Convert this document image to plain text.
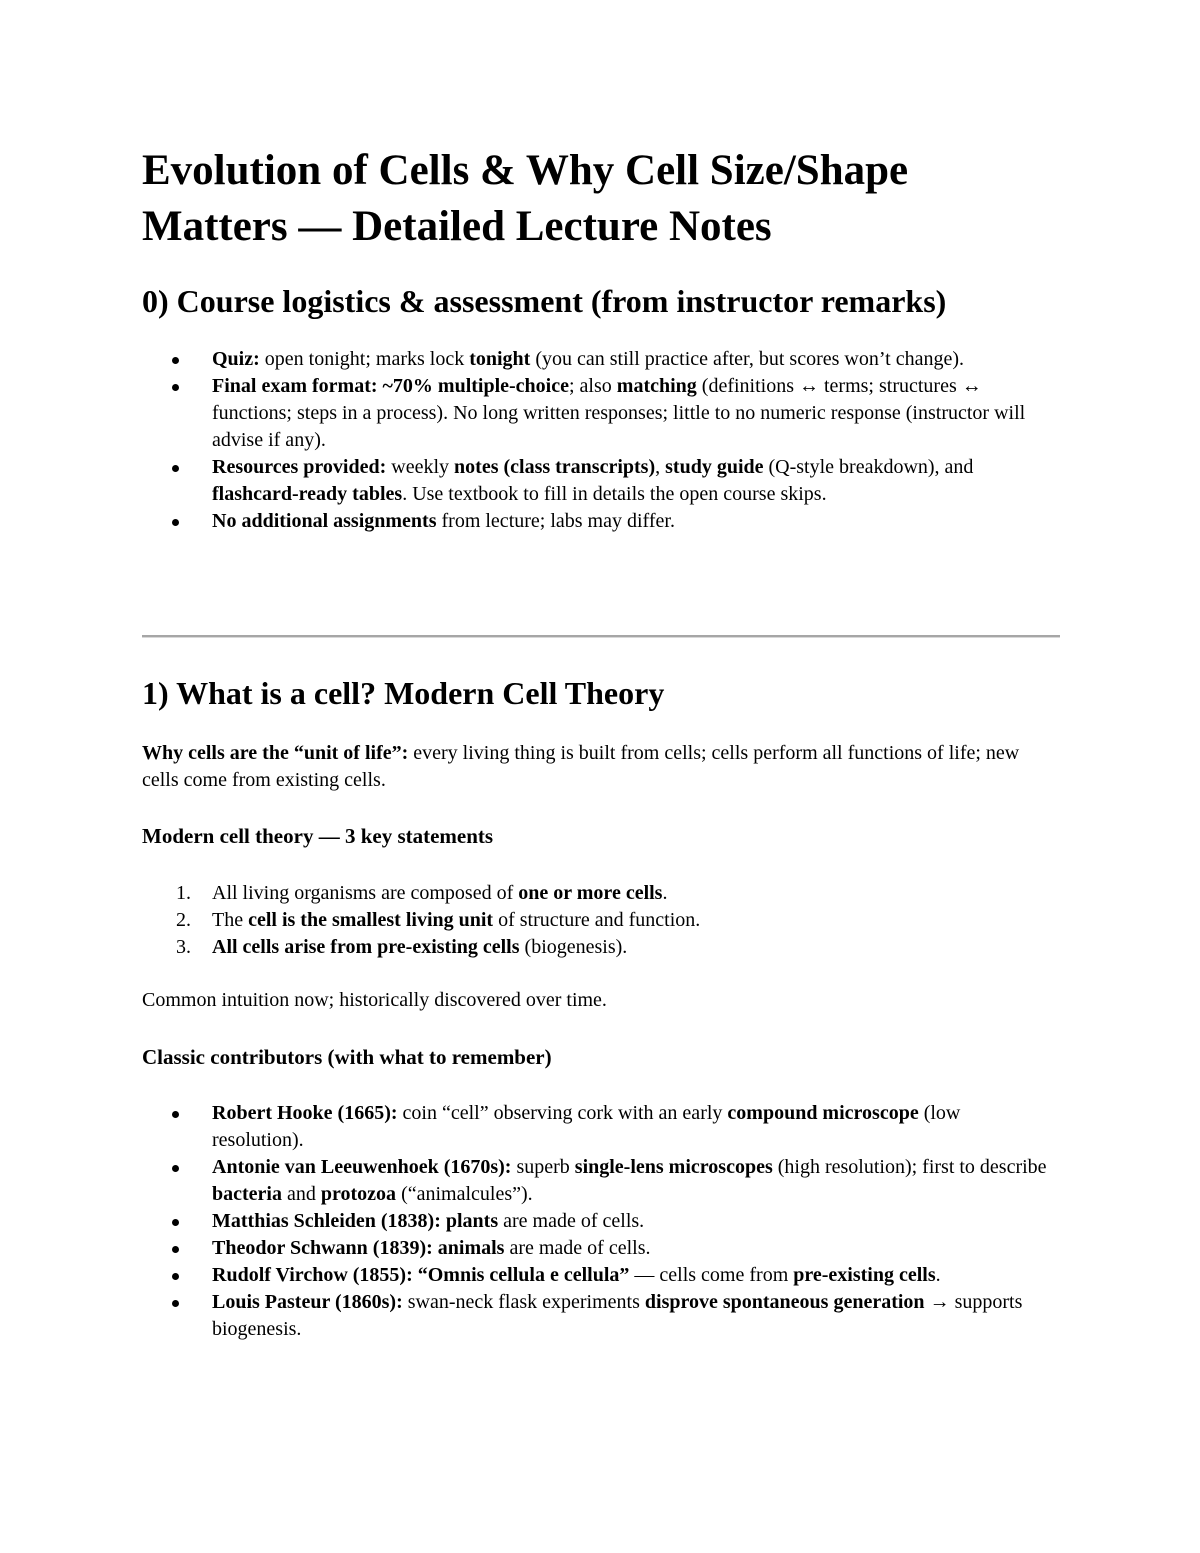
Evolution of Cells & Why Cell Size/Shape Matters — Detailed Lecture Notes
0) Course logistics & assessment (from instructor remarks)
Quiz: open tonight; marks lock tonight (you can still practice after, but scores won’t change).
Final exam format: ~70% multiple-choice; also matching (definitions ↔ terms; structures ↔ functions; steps in a process). No long written responses; little to no numeric response (instructor will advise if any).
Resources provided: weekly notes (class transcripts), study guide (Q-style breakdown), and flashcard-ready tables. Use textbook to fill in details the open course skips.
No additional assignments from lecture; labs may differ.
1) What is a cell? Modern Cell Theory

Why cells are the “unit of life”: every living thing is built from cells; cells perform all functions of life; new cells come from existing cells.

Modern cell theory — 3 key statements
1. All living organisms are composed of one or more cells.
2. The cell is the smallest living unit of structure and function.
3. All cells arise from pre-existing cells (biogenesis).

Common intuition now; historically discovered over time.

Classic contributors (with what to remember)
Robert Hooke (1665): coin “cell” observing cork with an early compound microscope (low resolution).
Antonie van Leeuwenhoek (1670s): superb single-lens microscopes (high resolution); first to describe bacteria and protozoa (“animalcules”).
Matthias Schleiden (1838): plants are made of cells.
Theodor Schwann (1839): animals are made of cells.
Rudolf Virchow (1855): “Omnis cellula e cellula” — cells come from pre-existing cells.
Louis Pasteur (1860s): swan-neck flask experiments disprove spontaneous generation → supports biogenesis.
